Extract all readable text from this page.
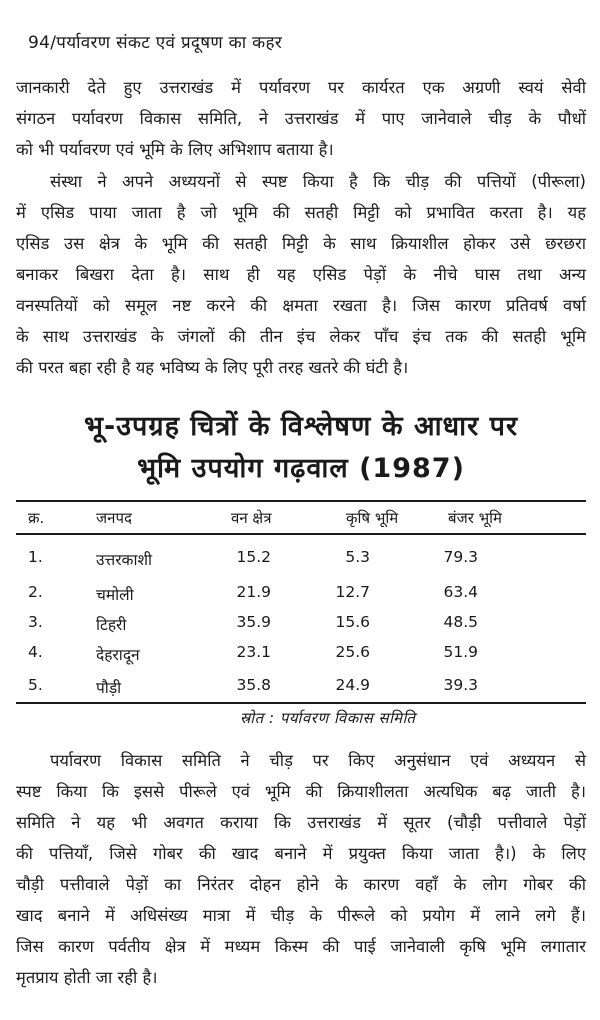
94/पर्यावरण संकट एवं प्रदूषण का कहर
जानकारी देते हुए उत्तराखंड में पर्यावरण पर कार्यरत एक अग्रणी स्वयं सेवी
संगठन पर्यावरण विकास समिति, ने उत्तराखंड में पाए जानेवाले चीड़ के पौधों
को भी पर्यावरण एवं भूमि के लिए अभिशाप बताया है।
संस्था ने अपने अध्ययनों से स्पष्ट किया है कि चीड़ की पत्तियों (पीरूला)
में एसिड पाया जाता है जो भूमि की सतही मिट्टी को प्रभावित करता है। यह
एसिड उस क्षेत्र के भूमि की सतही मिट्टी के साथ क्रियाशील होकर उसे छरछरा
बनाकर बिखरा देता है। साथ ही यह एसिड पेड़ों के नीचे घास तथा अन्य
वनस्पतियों को समूल नष्ट करने की क्षमता रखता है। जिस कारण प्रतिवर्ष वर्षा
के साथ उत्तराखंड के जंगलों की तीन इंच लेकर पाँच इंच तक की सतही भूमि
की परत बहा रही है यह भविष्य के लिए पूरी तरह खतरे की घंटी है।
भू-उपग्रह चित्रों के विश्लेषण के आधार पर
भूमि उपयोग गढ़वाल (1987)
क्र.	जनपद	वन क्षेत्र	कृषि भूमि	बंजर भूमि
1.	उत्तरकाशी	15.2	5.3	79.3
2.	चमोली	21.9	12.7	63.4
3.	टिहरी	35.9	15.6	48.5
4.	देहरादून	23.1	25.6	51.9
5.	पौड़ी	35.8	24.9	39.3
स्रोत : पर्यावरण विकास समिति
पर्यावरण विकास समिति ने चीड़ पर किए अनुसंधान एवं अध्ययन से
स्पष्ट किया कि इससे पीरूले एवं भूमि की क्रियाशीलता अत्यधिक बढ़ जाती है।
समिति ने यह भी अवगत कराया कि उत्तराखंड में सूतर (चौड़ी पत्तीवाले पेड़ों
की पत्तियाँ, जिसे गोबर की खाद बनाने में प्रयुक्त किया जाता है।) के लिए
चौड़ी पत्तीवाले पेड़ों का निरंतर दोहन होने के कारण वहाँ के लोग गोबर की
खाद बनाने में अधिसंख्य मात्रा में चीड़ के पीरूले को प्रयोग में लाने लगे हैं।
जिस कारण पर्वतीय क्षेत्र में मध्यम किस्म की पाई जानेवाली कृषि भूमि लगातार
मृतप्राय होती जा रही है।
